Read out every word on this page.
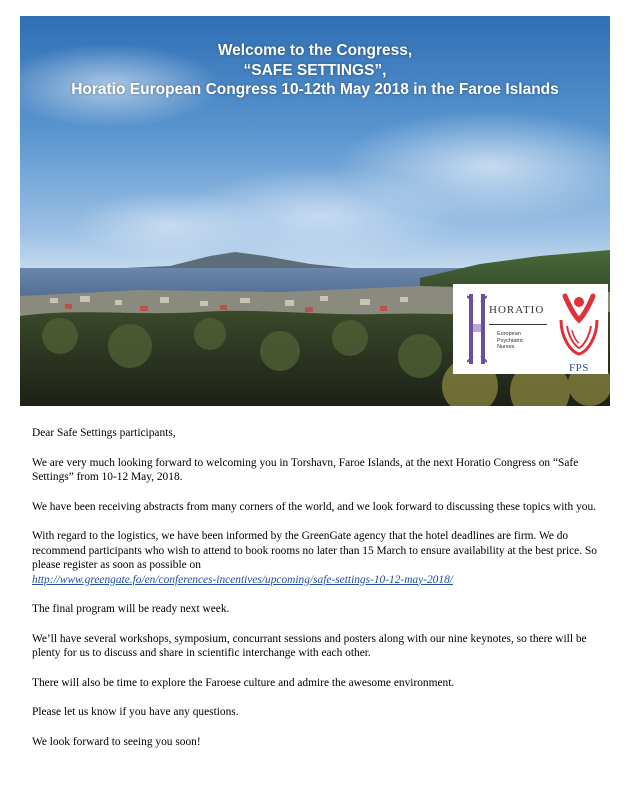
Welcome to the Congress,
“SAFE SETTINGS”,
Horatio European Congress 10-12th May 2018 in the Faroe Islands
HORATIO
European
Psychiatric
Nurses
FPS

Dear Safe Settings participants,

We are very much looking forward to welcoming you in Torshavn, Faroe Islands, at the next Horatio Congress on “Safe Settings” from 10-12 May, 2018.

We have been receiving abstracts from many corners of the world, and we look forward to discussing these topics with you.

With regard to the logistics, we have been informed by the GreenGate agency that the hotel deadlines are firm. We do recommend participants who wish to attend to book rooms no later than 15 March to ensure availability at the best price. So please register as soon as possible on
http://www.greengate.fo/en/conferences-incentives/upcoming/safe-settings-10-12-may-2018/

The final program will be ready next week.

We’ll have several workshops, symposium, concurrant sessions and posters along with our nine keynotes, so there will be plenty for us to discuss and share in scientific interchange with each other.

There will also be time to explore the Faroese culture and admire the awesome environment.

Please let us know if you have any questions.

We look forward to seeing you soon!
